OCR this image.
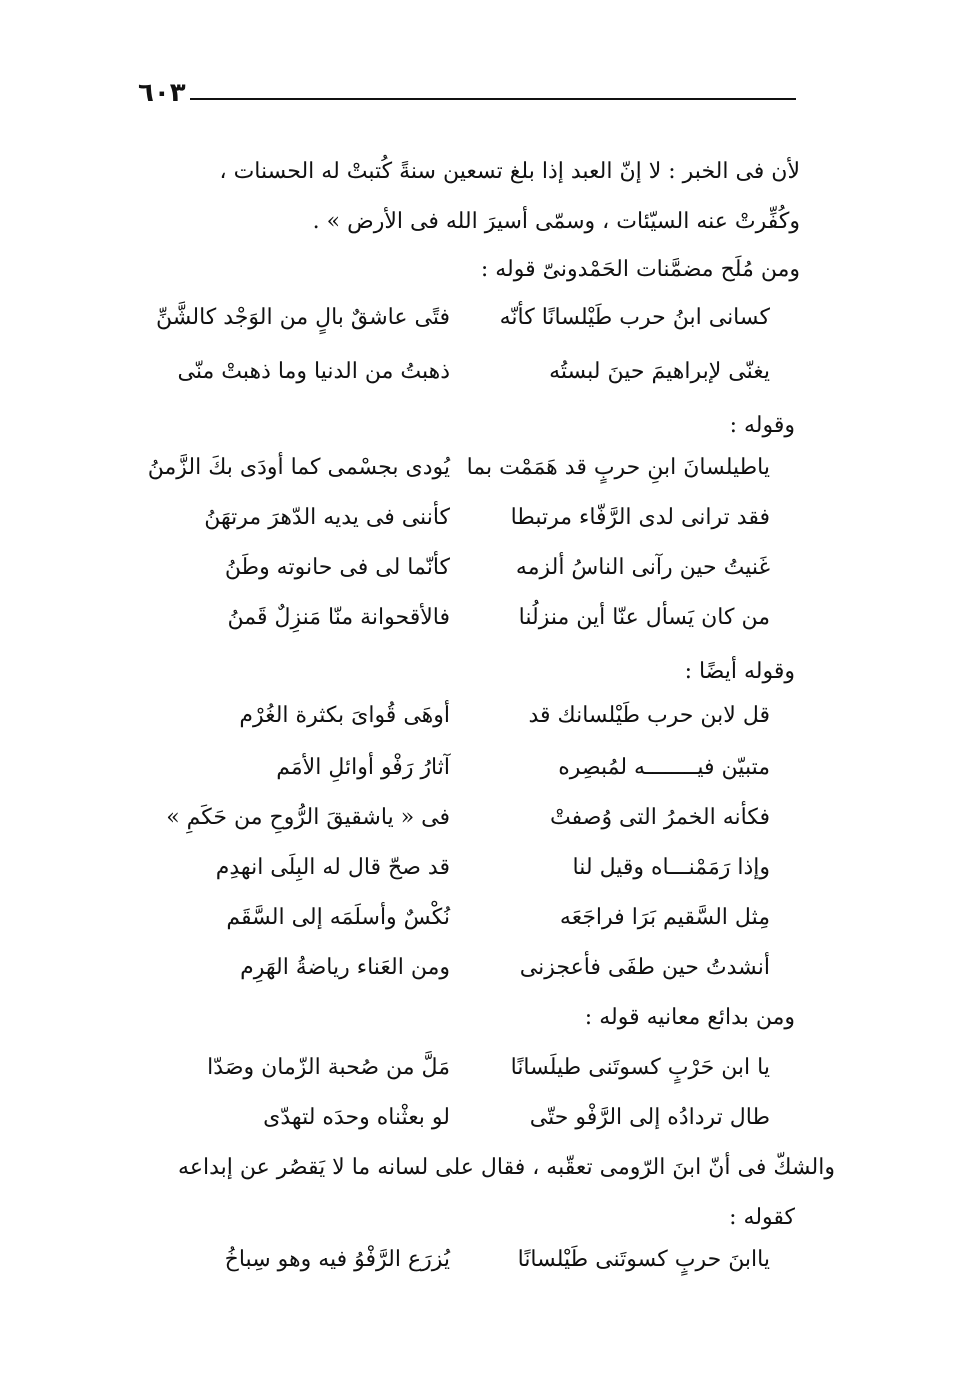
٦٠٣
لأن فى الخبر : لا إنّ العبد إذا بلغ تسعين سنةً كُتبتْ له الحسنات ،
وكُفِّرتْ عنه السيّئات ، وسمّى أسيرَ الله فى الأرض » .
ومن مُلَح مضمَّنات الحَمْدونىّ قوله :
كسانى ابنُ حرب طَيْلسانًا كأنّه
فتًى عاشقٌ بالٍ من الوَجْد كالشَّنِّ
يغنّى لإبراهيمَ حينَ لبستُه
ذهبتُ من الدنيا وما ذهبتْ منّى
وقوله :
ياطيلسانَ ابنِ حربٍ قد هَمَمْت بما
يُودى بجسْمى كما أودَى بكَ الزَّمنُ
فقد ترانى لدى الرَّفّاء مرتبطا
كأننى فى يديه الدّهرَ مرتهَنُ
غَنيتُ حين رآنى الناسُ ألزمه
كأنّما لى فى حانوته وطَنُ
من كان يَسأل عنّا أين منزلُنا
فالأقحوانة منّا مَنزِلٌ قَمنُ
وقوله أيضًا :
قل لابن حرب طَيْلسانك قد
أوهَى قُواىَ بكثرة الغُرْم
متبيّن فيــــــــه لمُبصِره
آثارُ رَفْو أوائلِ الأمَم
فكأنه الخمرُ التى وُصفتْ
فى « ياشقيقَ الرُّوحِ من حَكَمِ »
وإذا رَمَمْنـــاه وقيل لنا
قد صحّ قال له البِلَى انهدِم
مِثل السَّقيم بَرَا فراجَعَه
نُكْسٌ وأسلَمَه إلى السَّقَم
أنشدتُ حين طفَى فأعجزنى
ومن العَناء رياضةُ الهَرِم
ومن بدائع معانيه قوله :
يا ابن حَرْبٍ كسوتَنى طيلَسانًا
مَلَّ من صُحبة الزّمان وصَدّا
طال تردادُه إلى الرَّفْو حتّى
لو بعثْناه وحدَه لتهدّى
والشكّ فى أنّ ابنَ الرّومى تعقّبه ، فقال على لسانه ما لا يَقصُر عن إبداعه
كقوله :
ياابنَ حربٍ كسوتَنى طَيْلسانًا
يُزرَع الرَّفْوُ فيه وهو سِباخُ
